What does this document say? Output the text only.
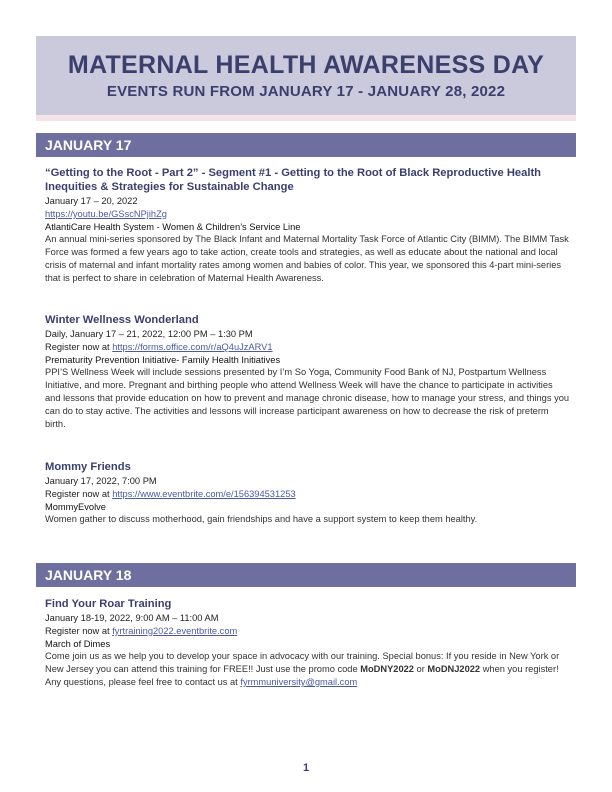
MATERNAL HEALTH AWARENESS DAY
EVENTS RUN FROM JANUARY 17 - JANUARY 28, 2022
JANUARY 17

“Getting to the Root - Part 2” - Segment #1 - Getting to the Root of Black Reproductive Health Inequities & Strategies for Sustainable Change

January 17 – 20, 2022

https://youtu.be/GSscNPjihZg

AtlantiCare Health System - Women & Children’s Service Line

An annual mini-series sponsored by The Black Infant and Maternal Mortality Task Force of Atlantic City (BIMM). The BIMM Task Force was formed a few years ago to take action, create tools and strategies, as well as educate about the national and local crisis of maternal and infant mortality rates among women and babies of color. This year, we sponsored this 4-part mini-series that is perfect to share in celebration of Maternal Health Awareness.

Winter Wellness Wonderland

Daily, January 17 – 21, 2022, 12:00 PM – 1:30 PM

Register now at https://forms.office.com/r/aQ4uJzARV1

Prematurity Prevention Initiative- Family Health Initiatives

PPI’S Wellness Week will include sessions presented by I’m So Yoga, Community Food Bank of NJ, Postpartum Wellness Initiative, and more. Pregnant and birthing people who attend Wellness Week will have the chance to participate in activities and lessons that provide education on how to prevent and manage chronic disease, how to manage your stress, and things you can do to stay active. The activities and lessons will increase participant awareness on how to decrease the risk of preterm birth.

Mommy Friends

January 17, 2022, 7:00 PM

Register now at https://www.eventbrite.com/e/156394531253

MommyEvolve

Women gather to discuss motherhood, gain friendships and have a support system to keep them healthy.

JANUARY 18

Find Your Roar Training

January 18-19, 2022, 9:00 AM – 11:00 AM

Register now at fyrtraining2022.eventbrite.com

March of Dimes

Come join us as we help you to develop your space in advocacy with our training. Special bonus: If you reside in New York or New Jersey you can attend this training for FREE!! Just use the promo code MoDNY2022 or MoDNJ2022 when you register! Any questions, please feel free to contact us at fyrmmuniversity@gmail.com

1
